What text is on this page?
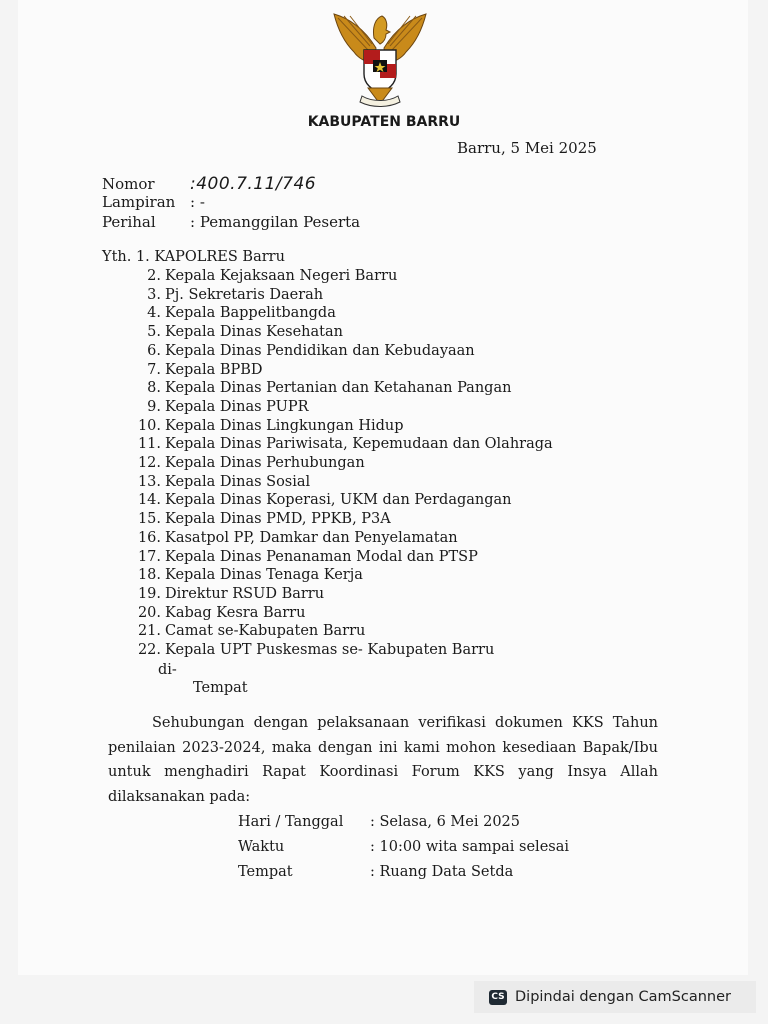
KABUPATEN BARRU
Barru, 5 Mei 2025
Nomor :400.7.11/746
Lampiran : -
Perihal : Pemanggilan Peserta
Yth. 1. KAPOLRES Barru
2. Kepala Kejaksaan Negeri Barru
3. Pj. Sekretaris Daerah
4. Kepala Bappelitbangda
5. Kepala Dinas Kesehatan
6. Kepala Dinas Pendidikan dan Kebudayaan
7. Kepala BPBD
8. Kepala Dinas Pertanian dan Ketahanan Pangan
9. Kepala Dinas PUPR
10. Kepala Dinas Lingkungan Hidup
11. Kepala Dinas Pariwisata, Kepemudaan dan Olahraga
12. Kepala Dinas Perhubungan
13. Kepala Dinas Sosial
14. Kepala Dinas Koperasi, UKM dan Perdagangan
15. Kepala Dinas PMD, PPKB, P3A
16. Kasatpol PP, Damkar dan Penyelamatan
17. Kepala Dinas Penanaman Modal dan PTSP
18. Kepala Dinas Tenaga Kerja
19. Direktur RSUD Barru
20. Kabag Kesra Barru
21. Camat se-Kabupaten Barru
22. Kepala UPT Puskesmas se- Kabupaten Barru
di-
Tempat
Sehubungan dengan pelaksanaan verifikasi dokumen KKS Tahun penilaian 2023-2024, maka dengan ini kami mohon kesediaan Bapak/Ibu untuk menghadiri Rapat Koordinasi Forum KKS yang Insya Allah dilaksanakan pada:
Hari / Tanggal : Selasa, 6 Mei 2025
Waktu	: 10:00 wita sampai selesai
Tempat	: Ruang Data Setda
CS Dipindai dengan CamScanner
